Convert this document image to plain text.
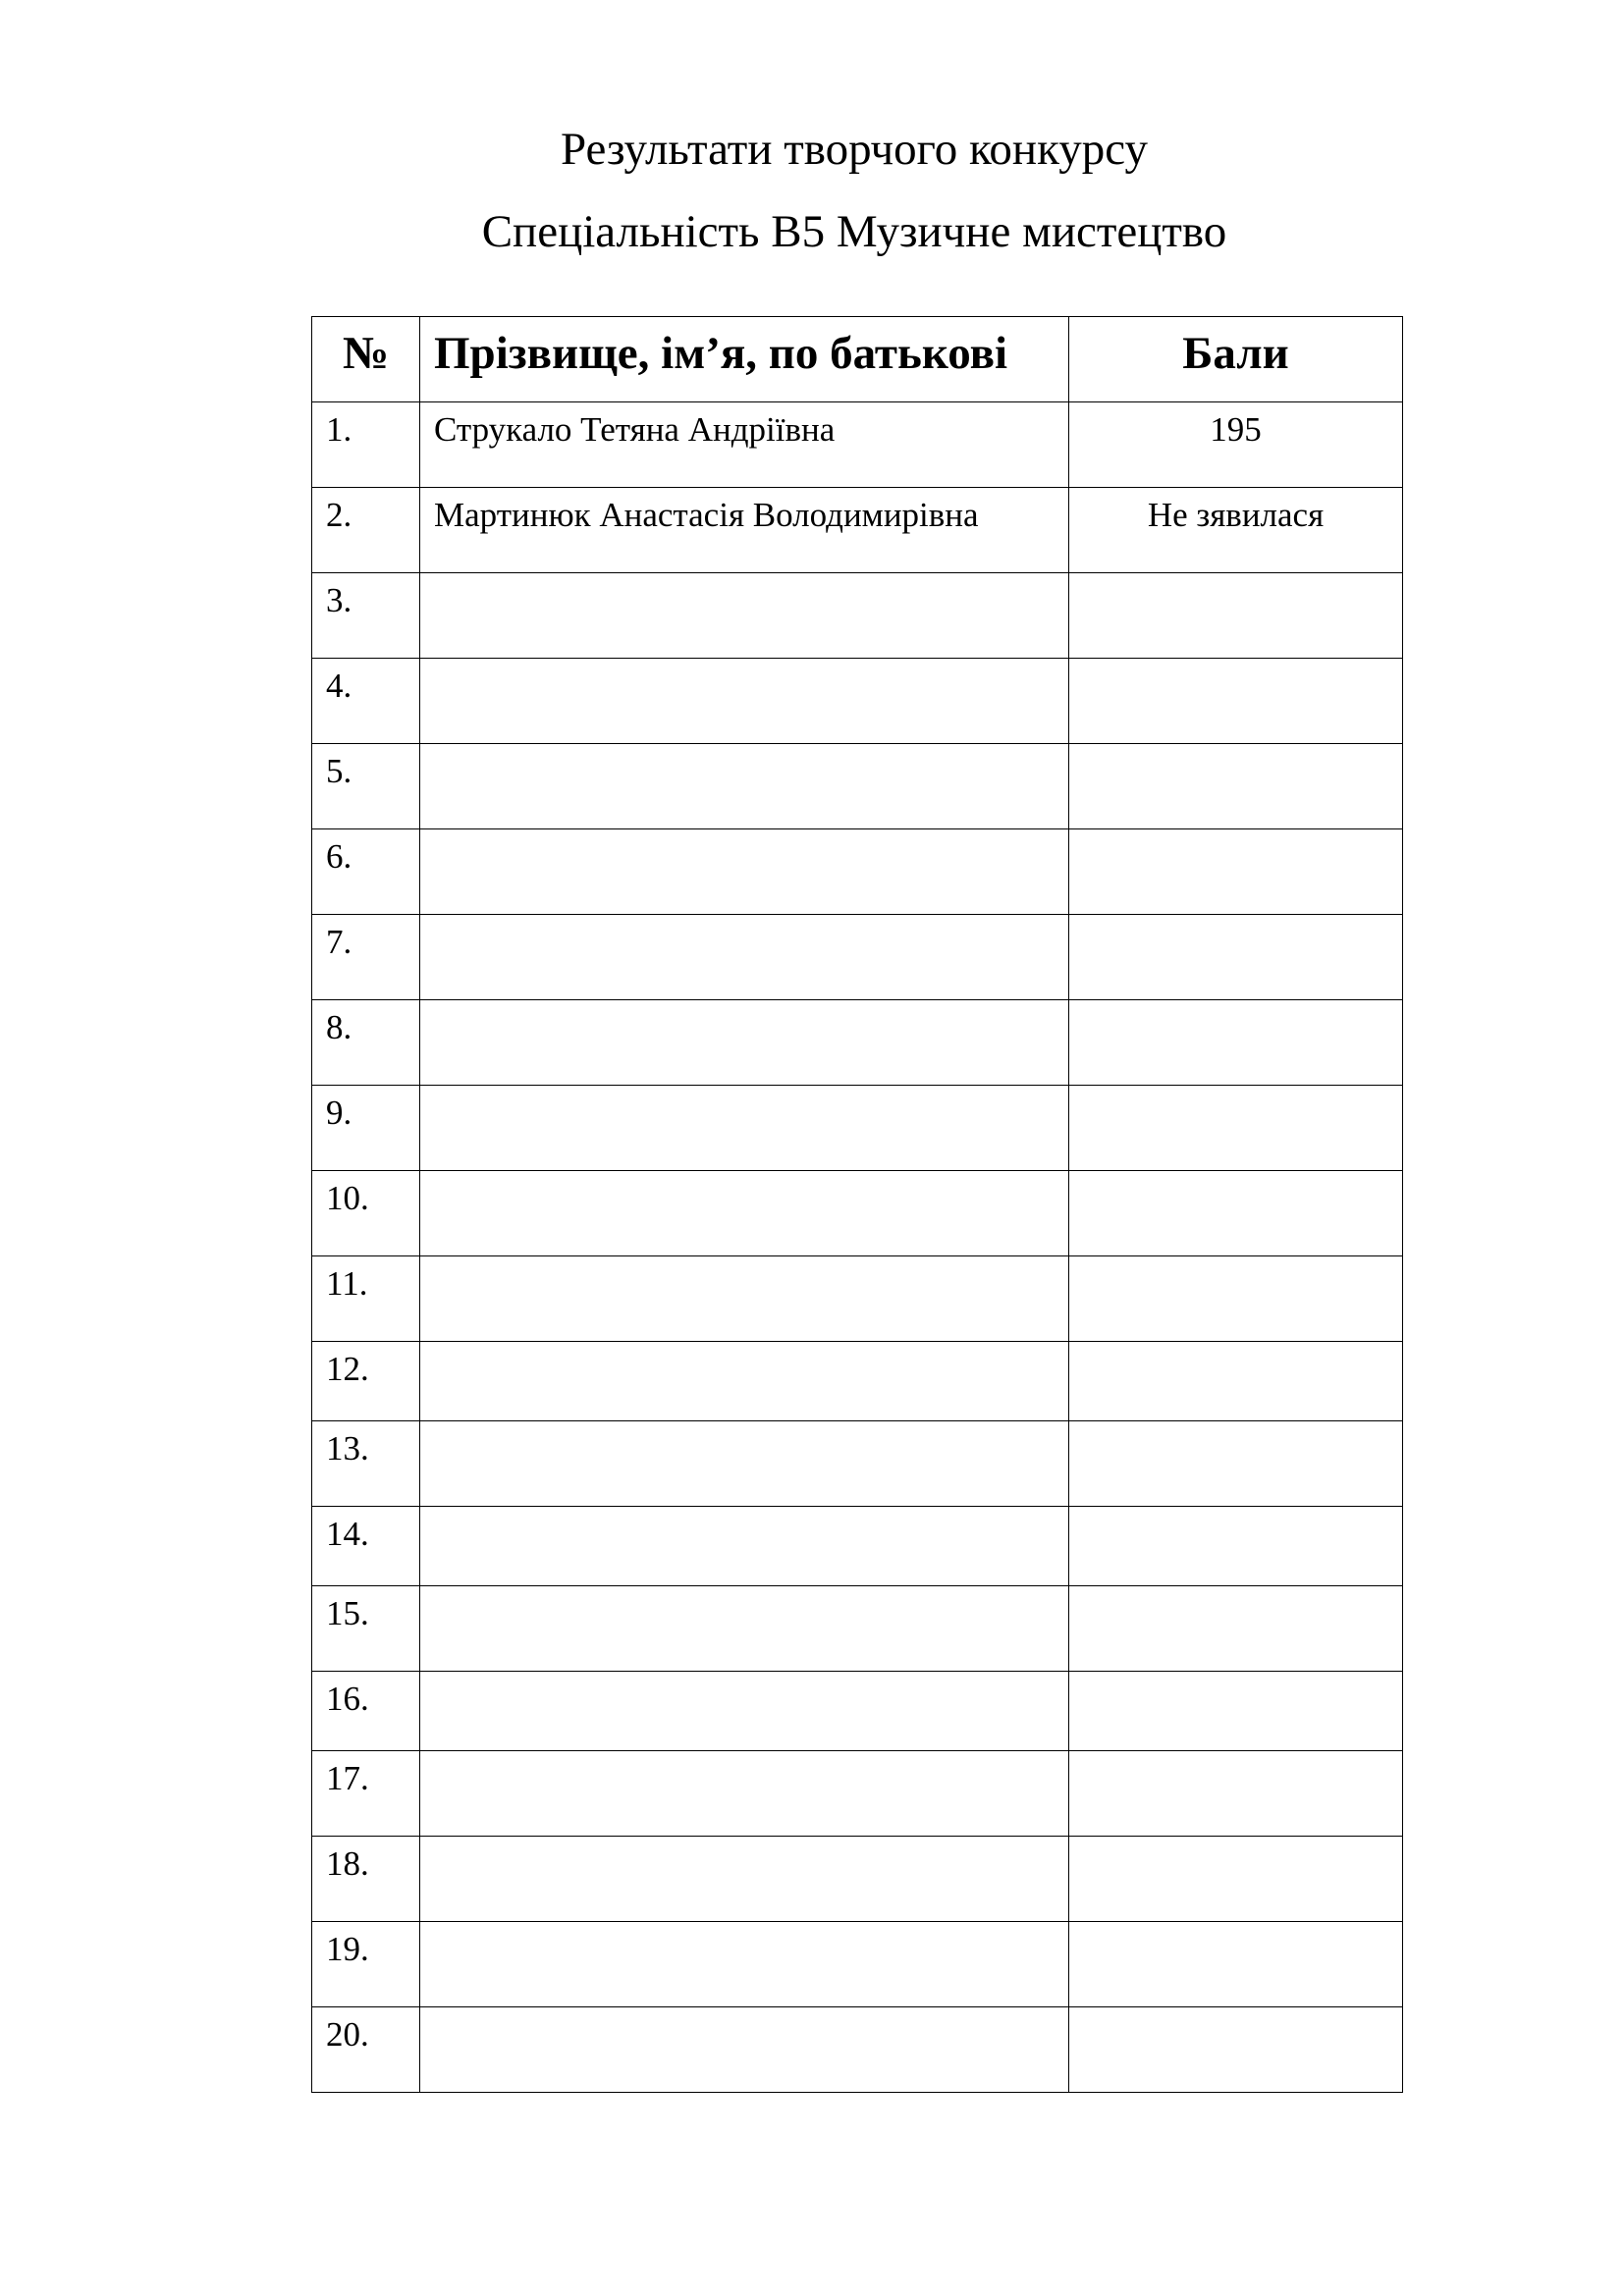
Результати творчого конкурсу

Спеціальність B5 Музичне мистецтво

№	Прізвище, ім’я, по батькові	Бали
1.	Струкало Тетяна Андріївна	195
2.	Мартинюк Анастасія Володимирівна	Не зявилася
3.		
4.		
5.		
6.		
7.		
8.		
9.		
10.		
11.		
12.		
13.		
14.		
15.		
16.		
17.		
18.		
19.		
20.		
